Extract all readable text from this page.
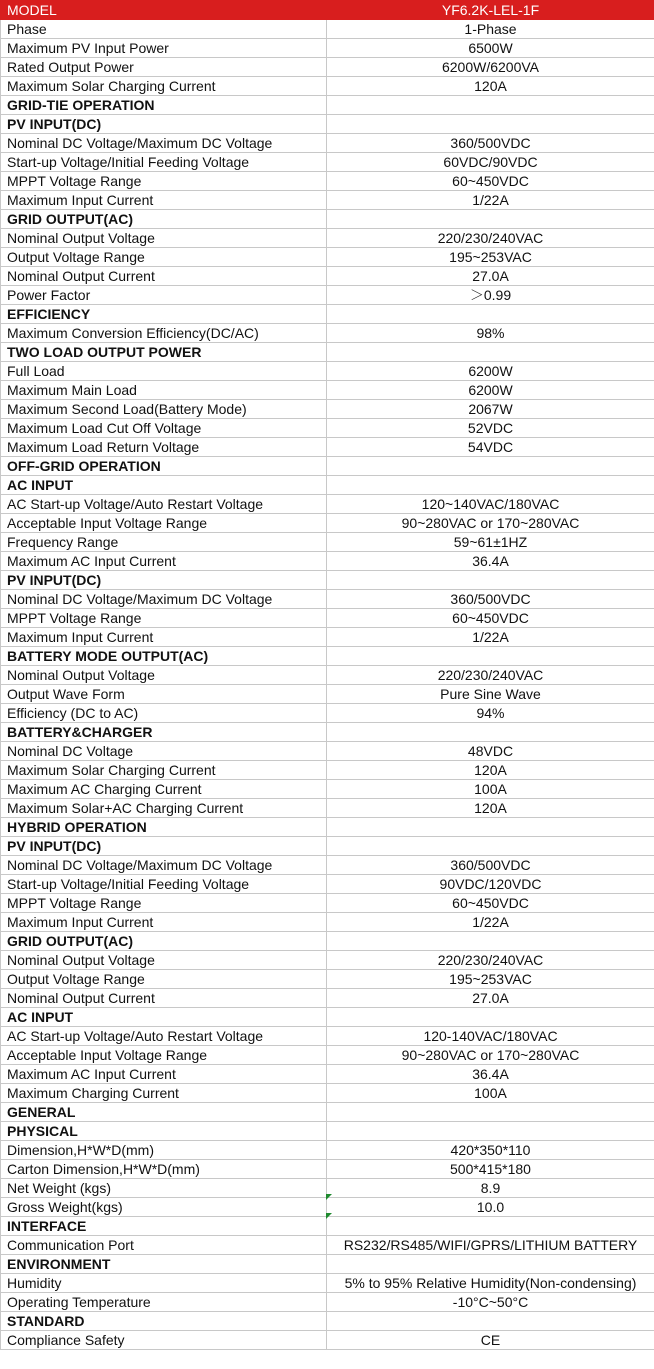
MODEL	YF6.2K-LEL-1F
Phase	1-Phase
Maximum PV Input Power	6500W
Rated Output Power	6200W/6200VA
Maximum Solar Charging Current	120A
GRID-TIE OPERATION	
PV INPUT(DC)	
Nominal DC Voltage/Maximum DC Voltage	360/500VDC
Start-up Voltage/Initial Feeding Voltage	60VDC/90VDC
MPPT Voltage Range	60~450VDC
Maximum Input Current	1/22A
GRID OUTPUT(AC)	
Nominal Output Voltage	220/230/240VAC
Output Voltage Range	195~253VAC
Nominal Output Current	27.0A
Power Factor	＞0.99
EFFICIENCY	
Maximum Conversion Efficiency(DC/AC)	98%
TWO LOAD OUTPUT POWER	
Full Load	6200W
Maximum Main Load	6200W
Maximum Second Load(Battery Mode)	2067W
Maximum Load Cut Off Voltage	52VDC
Maximum Load Return Voltage	54VDC
OFF-GRID OPERATION	
AC INPUT	
AC Start-up Voltage/Auto Restart Voltage	120~140VAC/180VAC
Acceptable Input Voltage Range	90~280VAC or 170~280VAC
Frequency Range	59~61±1HZ
Maximum AC Input Current	36.4A
PV INPUT(DC)	
Nominal DC Voltage/Maximum DC Voltage	360/500VDC
MPPT Voltage Range	60~450VDC
Maximum Input Current	1/22A
BATTERY MODE OUTPUT(AC)	
Nominal Output Voltage	220/230/240VAC
Output Wave Form	Pure Sine Wave
Efficiency (DC to AC)	94%
BATTERY&CHARGER	
Nominal DC Voltage	48VDC
Maximum Solar Charging Current	120A
Maximum AC Charging Current	100A
Maximum Solar+AC Charging Current	120A
HYBRID OPERATION	
PV INPUT(DC)	
Nominal DC Voltage/Maximum DC Voltage	360/500VDC
Start-up Voltage/Initial Feeding Voltage	90VDC/120VDC
MPPT Voltage Range	60~450VDC
Maximum Input Current	1/22A
GRID OUTPUT(AC)	
Nominal Output Voltage	220/230/240VAC
Output Voltage Range	195~253VAC
Nominal Output Current	27.0A
AC INPUT	
AC Start-up Voltage/Auto Restart Voltage	120-140VAC/180VAC
Acceptable Input Voltage Range	90~280VAC or 170~280VAC
Maximum AC Input Current	36.4A
Maximum Charging Current	100A
GENERAL	
PHYSICAL	
Dimension,H*W*D(mm)	420*350*110
Carton Dimension,H*W*D(mm)	500*415*180
Net Weight (kgs)	8.9
Gross Weight(kgs)	10.0
INTERFACE	
Communication Port	RS232/RS485/WIFI/GPRS/LITHIUM BATTERY
ENVIRONMENT	
Humidity	5% to 95% Relative Humidity(Non-condensing)
Operating Temperature	-10°C~50°C
STANDARD	
Compliance Safety	CE
